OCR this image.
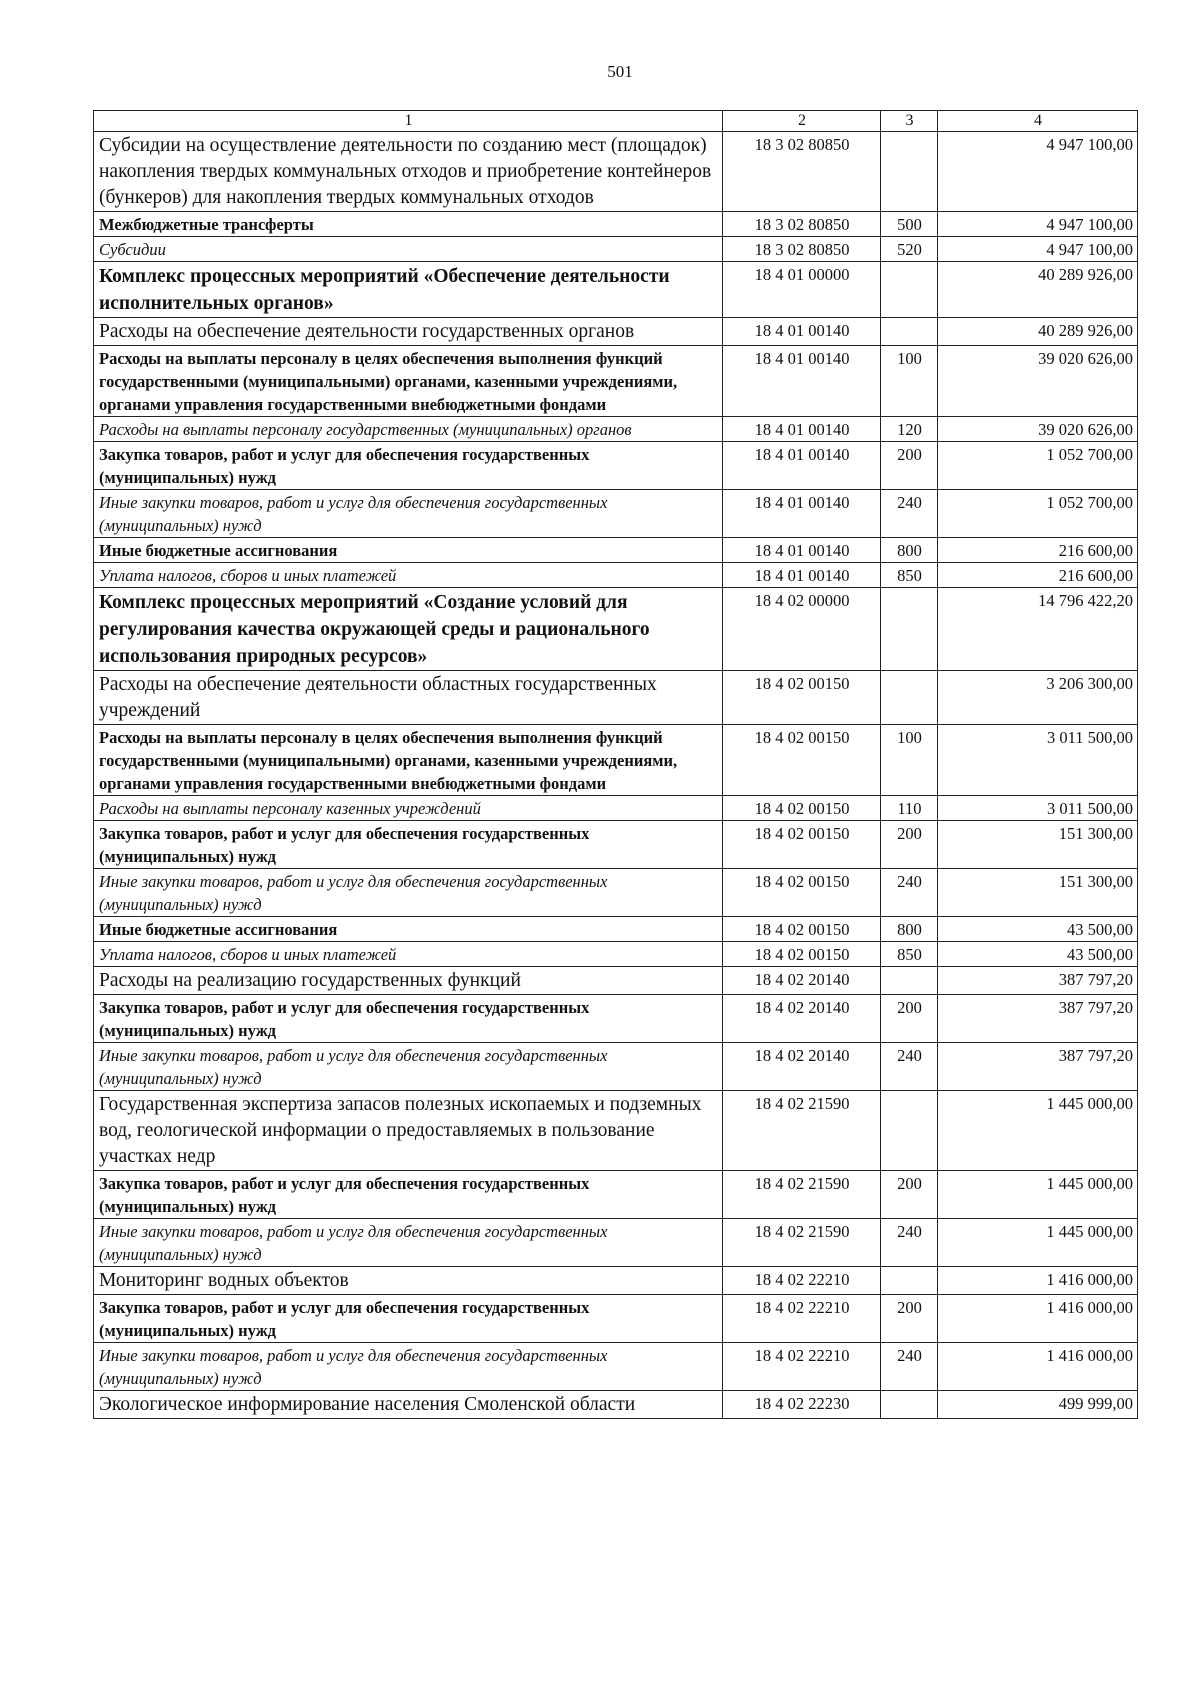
501
1	2	3	4
Субсидии на осуществление деятельности по созданию мест (площадок) накопления твердых коммунальных отходов и приобретение контейнеров (бункеров) для накопления твердых коммунальных отходов	18 3 02 80850		4 947 100,00
Межбюджетные трансферты	18 3 02 80850	500	4 947 100,00
Субсидии	18 3 02 80850	520	4 947 100,00
Комплекс процессных мероприятий «Обеспечение деятельности исполнительных органов»	18 4 01 00000		40 289 926,00
Расходы на обеспечение деятельности государственных органов	18 4 01 00140		40 289 926,00
Расходы на выплаты персоналу в целях обеспечения выполнения функций государственными (муниципальными) органами, казенными учреждениями, органами управления государственными внебюджетными фондами	18 4 01 00140	100	39 020 626,00
Расходы на выплаты персоналу государственных (муниципальных) органов	18 4 01 00140	120	39 020 626,00
Закупка товаров, работ и услуг для обеспечения государственных (муниципальных) нужд	18 4 01 00140	200	1 052 700,00
Иные закупки товаров, работ и услуг для обеспечения государственных (муниципальных) нужд	18 4 01 00140	240	1 052 700,00
Иные бюджетные ассигнования	18 4 01 00140	800	216 600,00
Уплата налогов, сборов и иных платежей	18 4 01 00140	850	216 600,00
Комплекс процессных мероприятий «Создание условий для регулирования качества окружающей среды и рационального использования природных ресурсов»	18 4 02 00000		14 796 422,20
Расходы на обеспечение деятельности областных государственных учреждений	18 4 02 00150		3 206 300,00
Расходы на выплаты персоналу в целях обеспечения выполнения функций государственными (муниципальными) органами, казенными учреждениями, органами управления государственными внебюджетными фондами	18 4 02 00150	100	3 011 500,00
Расходы на выплаты персоналу казенных учреждений	18 4 02 00150	110	3 011 500,00
Закупка товаров, работ и услуг для обеспечения государственных (муниципальных) нужд	18 4 02 00150	200	151 300,00
Иные закупки товаров, работ и услуг для обеспечения государственных (муниципальных) нужд	18 4 02 00150	240	151 300,00
Иные бюджетные ассигнования	18 4 02 00150	800	43 500,00
Уплата налогов, сборов и иных платежей	18 4 02 00150	850	43 500,00
Расходы на реализацию государственных функций	18 4 02 20140		387 797,20
Закупка товаров, работ и услуг для обеспечения государственных (муниципальных) нужд	18 4 02 20140	200	387 797,20
Иные закупки товаров, работ и услуг для обеспечения государственных (муниципальных) нужд	18 4 02 20140	240	387 797,20
Государственная экспертиза запасов полезных ископаемых и подземных вод, геологической информации о предоставляемых в пользование участках недр	18 4 02 21590		1 445 000,00
Закупка товаров, работ и услуг для обеспечения государственных (муниципальных) нужд	18 4 02 21590	200	1 445 000,00
Иные закупки товаров, работ и услуг для обеспечения государственных (муниципальных) нужд	18 4 02 21590	240	1 445 000,00
Мониторинг водных объектов	18 4 02 22210		1 416 000,00
Закупка товаров, работ и услуг для обеспечения государственных (муниципальных) нужд	18 4 02 22210	200	1 416 000,00
Иные закупки товаров, работ и услуг для обеспечения государственных (муниципальных) нужд	18 4 02 22210	240	1 416 000,00
Экологическое информирование населения Смоленской области	18 4 02 22230		499 999,00
